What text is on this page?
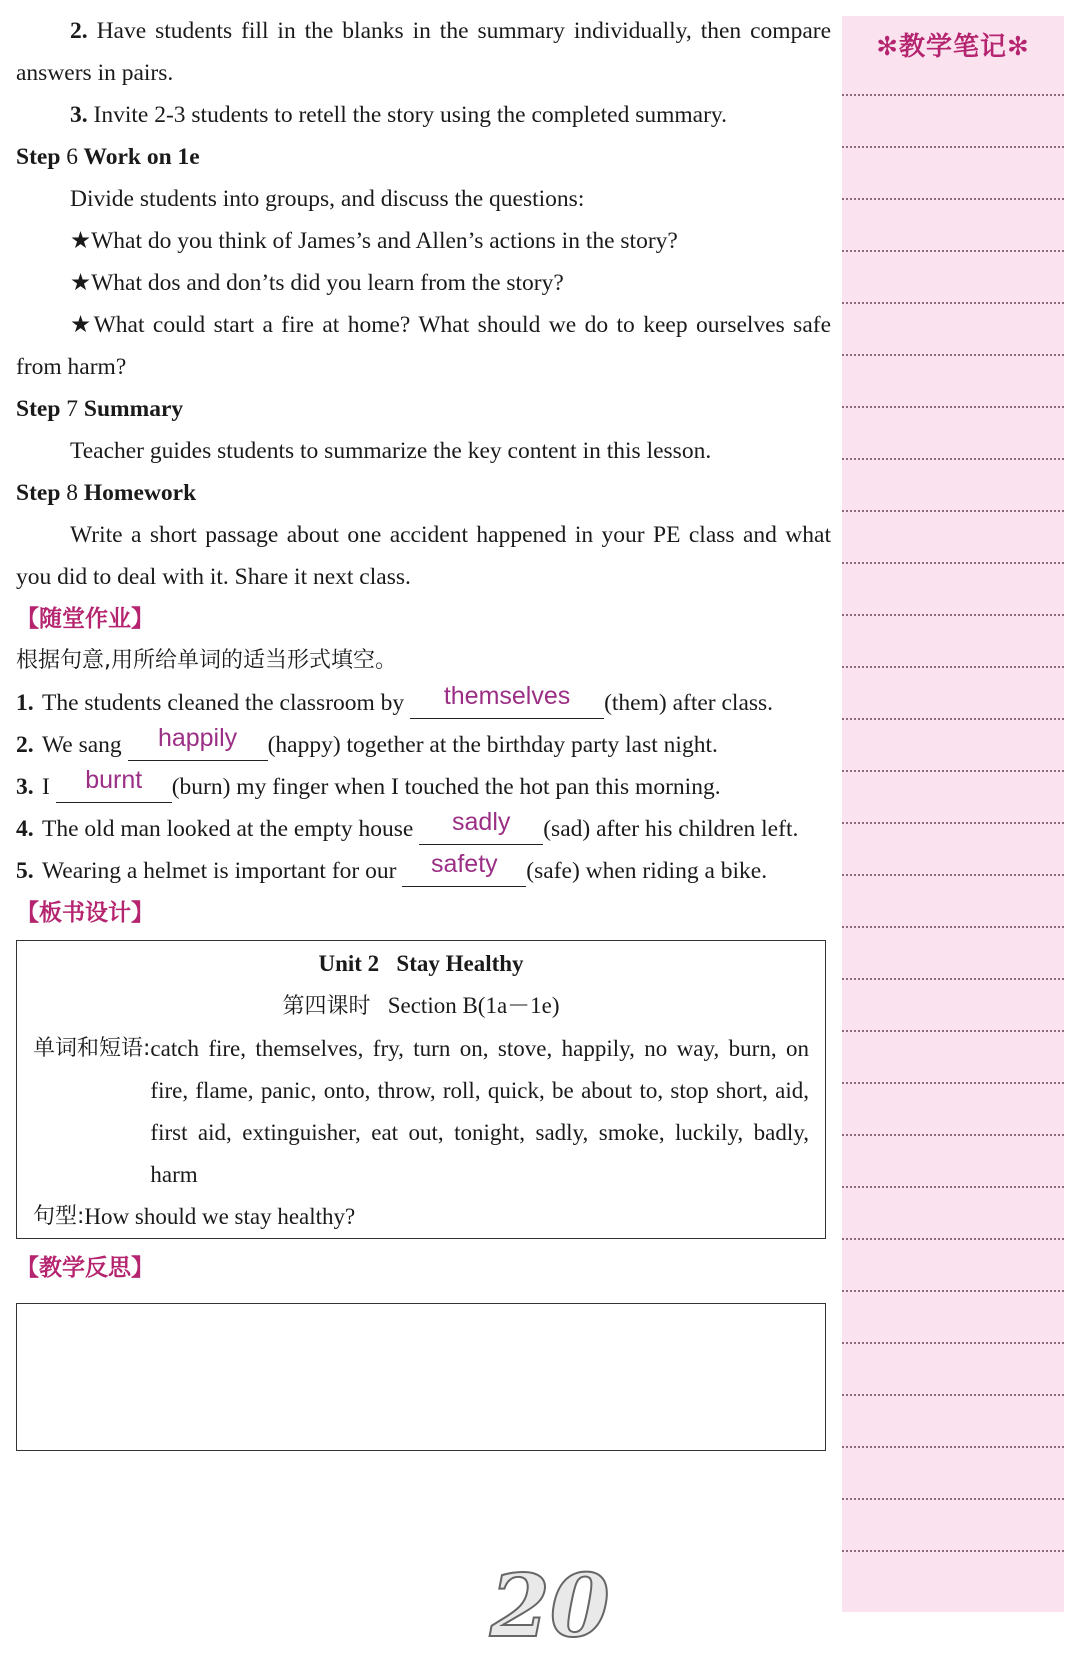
2. Have students fill in the blanks in the summary individually, then compare answers in pairs.

3. Invite 2-3 students to retell the story using the completed summary.

Step 6 Work on 1e

Divide students into groups, and discuss the questions:

★What do you think of James’s and Allen’s actions in the story?

★What dos and don’ts did you learn from the story?

★What could start a fire at home? What should we do to keep ourselves safe from harm?

Step 7 Summary

Teacher guides students to summarize the key content in this lesson.

Step 8 Homework

Write a short passage about one accident happened in your PE class and what you did to deal with it. Share it next class.

【随堂作业】

根据句意,用所给单词的适当形式填空。

1. The students cleaned the classroom by themselves (them) after class.
2. We sang happily (happy) together at the birthday party last night.
3. I burnt (burn) my finger when I touched the hot pan this morning.
4. The old man looked at the empty house sadly (sad) after his children left.
5. Wearing a helmet is important for our safety (safe) when riding a bike.

【板书设计】

Unit 2 Stay Healthy
第四课时 Section B(1a－1e)
单词和短语: catch fire, themselves, fry, turn on, stove, happily, no way, burn, on fire, flame, panic, onto, throw, roll, quick, be about to, stop short, aid, first aid, extinguisher, eat out, tonight, sadly, smoke, luckily, badly, harm
句型: How should we stay healthy?

【教学反思】

✻教学笔记✻
20
